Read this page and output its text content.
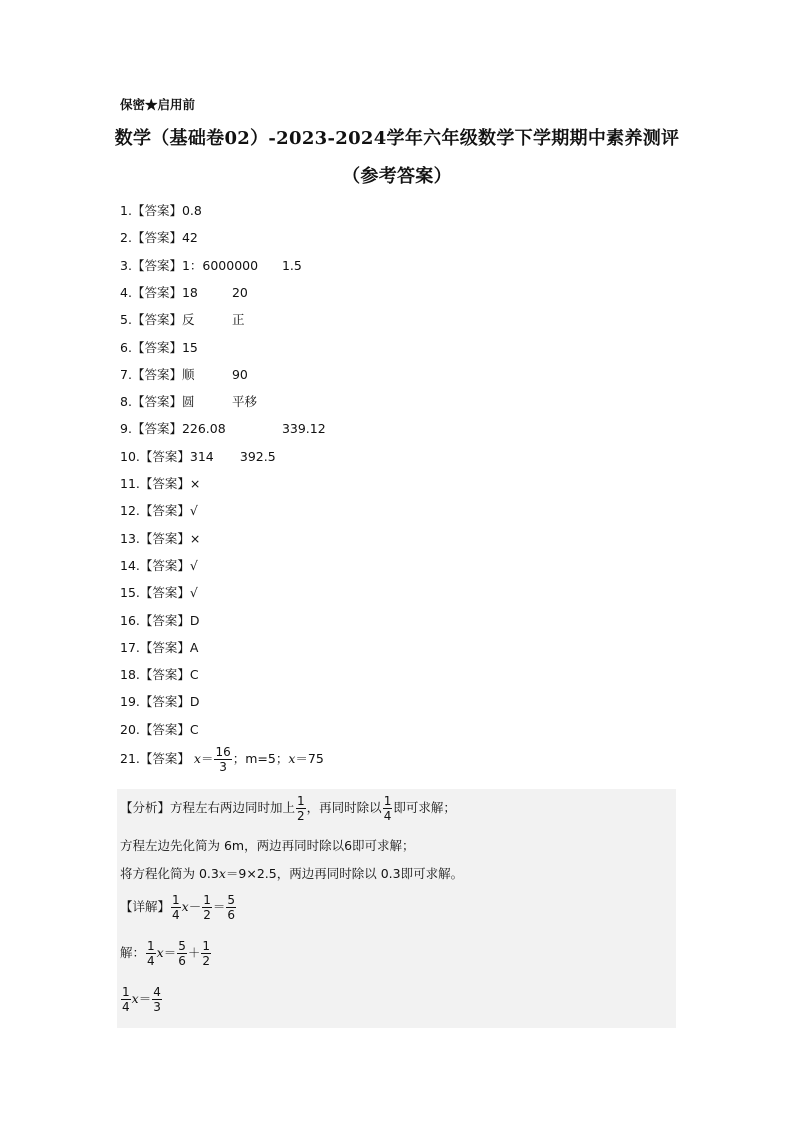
保密★启用前
数学（基础卷02）-2023-2024学年六年级数学下学期期中素养测评
（参考答案）
1.【答案】0.8
2.【答案】42
3.【答案】1：6000000 1.5
4.【答案】18	20
5.【答案】反	正
6.【答案】15
7.【答案】顺	90
8.【答案】圆	平移
9.【答案】226.08	339.12
10.【答案】314 392.5
11.【答案】×
12.【答案】√
13.【答案】×
14.【答案】√
15.【答案】√
16.【答案】D
17.【答案】A
18.【答案】C
19.【答案】D
20.【答案】C
21.【答案】 $x= \frac{16}{3}$ ；m=5；x＝75
【分析】方程左右两边同时加上 $\frac{1}{2}$ ，再同时除以 $\frac{1}{4}$ 即可求解；
方程左边先化简为 6m，两边再同时除以6即可求解；
将方程化简为 0.3x＝9×2.5，两边再同时除以 0.3即可求解。
【详解】 $\frac{1}{4} x- \frac{1}{2} = \frac{5}{6}$
解： $\frac{1}{4} x= \frac{5}{6} + \frac{1}{2}$
$\frac{1}{4} x= \frac{4}{3}$
